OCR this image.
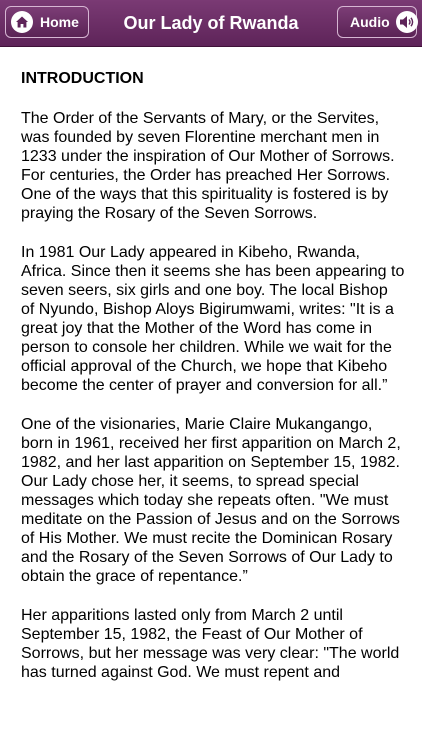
Our Lady of Rwanda
Home	Audio
INTRODUCTION

The Order of the Servants of Mary, or the Servites, was founded by seven Florentine merchant men in 1233 under the inspiration of Our Mother of Sorrows. For centuries, the Order has preached Her Sorrows. One of the ways that this spirituality is fostered is by praying the Rosary of the Seven Sorrows.

In 1981 Our Lady appeared in Kibeho, Rwanda, Africa. Since then it seems she has been appearing to seven seers, six girls and one boy. The local Bishop of Nyundo, Bishop Aloys Bigirumwami, writes: "It is a great joy that the Mother of the Word has come in person to console her children. While we wait for the official approval of the Church, we hope that Kibeho become the center of prayer and conversion for all.”

One of the visionaries, Marie Claire Mukangango, born in 1961, received her first apparition on March 2, 1982, and her last apparition on September 15, 1982. Our Lady chose her, it seems, to spread special messages which today she repeats often. "We must meditate on the Passion of Jesus and on the Sorrows of His Mother. We must recite the Dominican Rosary and the Rosary of the Seven Sorrows of Our Lady to obtain the grace of repentance.”

Her apparitions lasted only from March 2 until September 15, 1982, the Feast of Our Mother of Sorrows, but her message was very clear: "The world has turned against God. We must repent and
